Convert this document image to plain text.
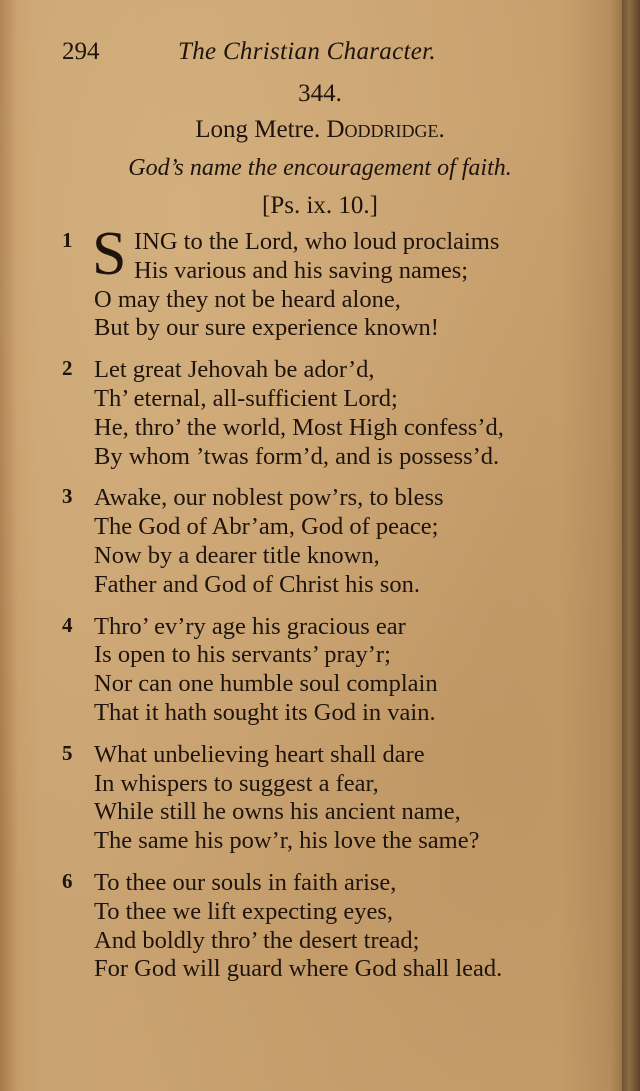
294	The Christian Character.
344.
Long Metre. Doddridge.
God’s name the encouragement of faith.
[Ps. ix. 10.]
1 S ING to the Lord, who loud proclaims
His various and his saving names;
O may they not be heard alone,
But by our sure experience known!
2 Let great Jehovah be ador’d,
Th’ eternal, all-sufficient Lord;
He, thro’ the world, Most High confess’d,
By whom ’twas form’d, and is possess’d.
3 Awake, our noblest pow’rs, to bless
The God of Abr’am, God of peace;
Now by a dearer title known,
Father and God of Christ his son.
4 Thro’ ev’ry age his gracious ear
Is open to his servants’ pray’r;
Nor can one humble soul complain
That it hath sought its God in vain.
5 What unbelieving heart shall dare
In whispers to suggest a fear,
While still he owns his ancient name,
The same his pow’r, his love the same?
6 To thee our souls in faith arise,
To thee we lift expecting eyes,
And boldly thro’ the desert tread;
For God will guard where God shall lead.
